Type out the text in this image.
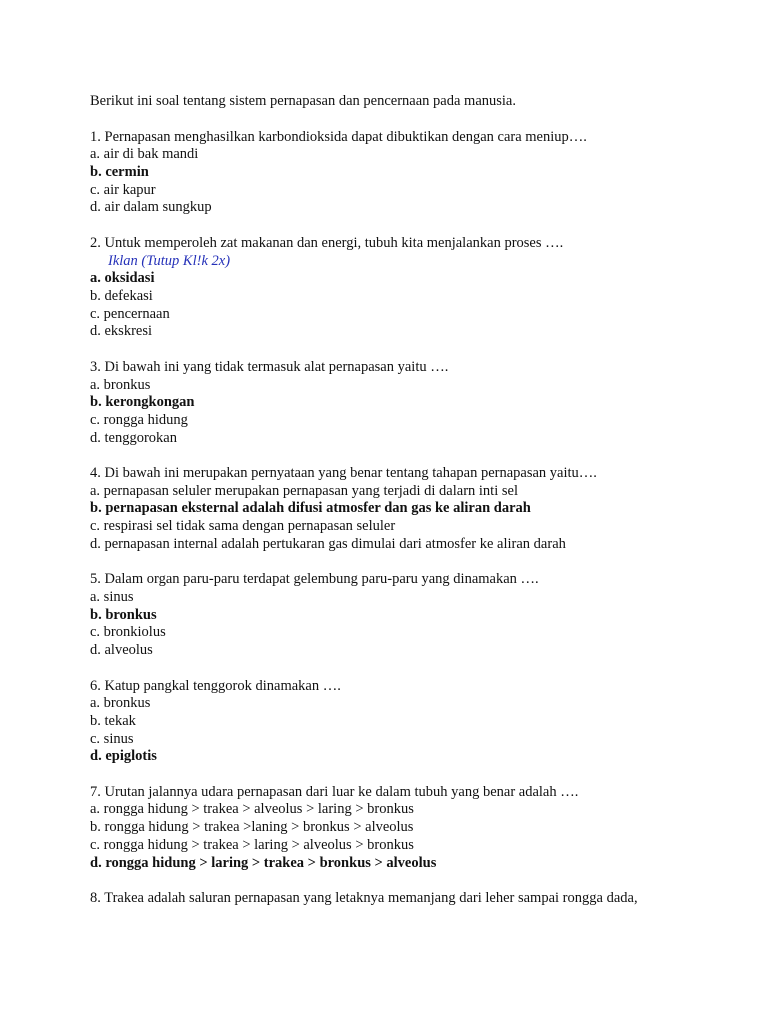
Berikut ini soal tentang sistem pernapasan dan pencernaan pada manusia.
1. Pernapasan menghasilkan karbondioksida dapat dibuktikan dengan cara meniup….
a. air di bak mandi
b. cermin
c. air kapur
d. air dalam sungkup
2. Untuk memperoleh zat makanan dan energi, tubuh kita menjalankan proses ….
Iklan (Tutup Kl!k 2x)
a. oksidasi
b. defekasi
c. pencernaan
d. ekskresi
3. Di bawah ini yang tidak termasuk alat pernapasan yaitu ….
a. bronkus
b. kerongkongan
c. rongga hidung
d. tenggorokan
4. Di bawah ini merupakan pernyataan yang benar tentang tahapan pernapasan yaitu….
a. pernapasan seluler merupakan pernapasan yang terjadi di dalarn inti sel
b. pernapasan eksternal adalah difusi atmosfer dan gas ke aliran darah
c. respirasi sel tidak sama dengan pernapasan seluler
d. pernapasan internal adalah pertukaran gas dimulai dari atmosfer ke aliran darah
5. Dalam organ paru-paru terdapat gelembung paru-paru yang dinamakan ….
a. sinus
b. bronkus
c. bronkiolus
d. alveolus
6. Katup pangkal tenggorok dinamakan ….
a. bronkus
b. tekak
c. sinus
d. epiglotis
7. Urutan jalannya udara pernapasan dari luar ke dalam tubuh yang benar adalah ….
a. rongga hidung > trakea > alveolus > laring > bronkus
b. rongga hidung > trakea >laning > bronkus > alveolus
c. rongga hidung > trakea > laring > alveolus > bronkus
d. rongga hidung > laring > trakea > bronkus > alveolus
8. Trakea adalah saluran pernapasan yang letaknya memanjang dari leher sampai rongga dada,
